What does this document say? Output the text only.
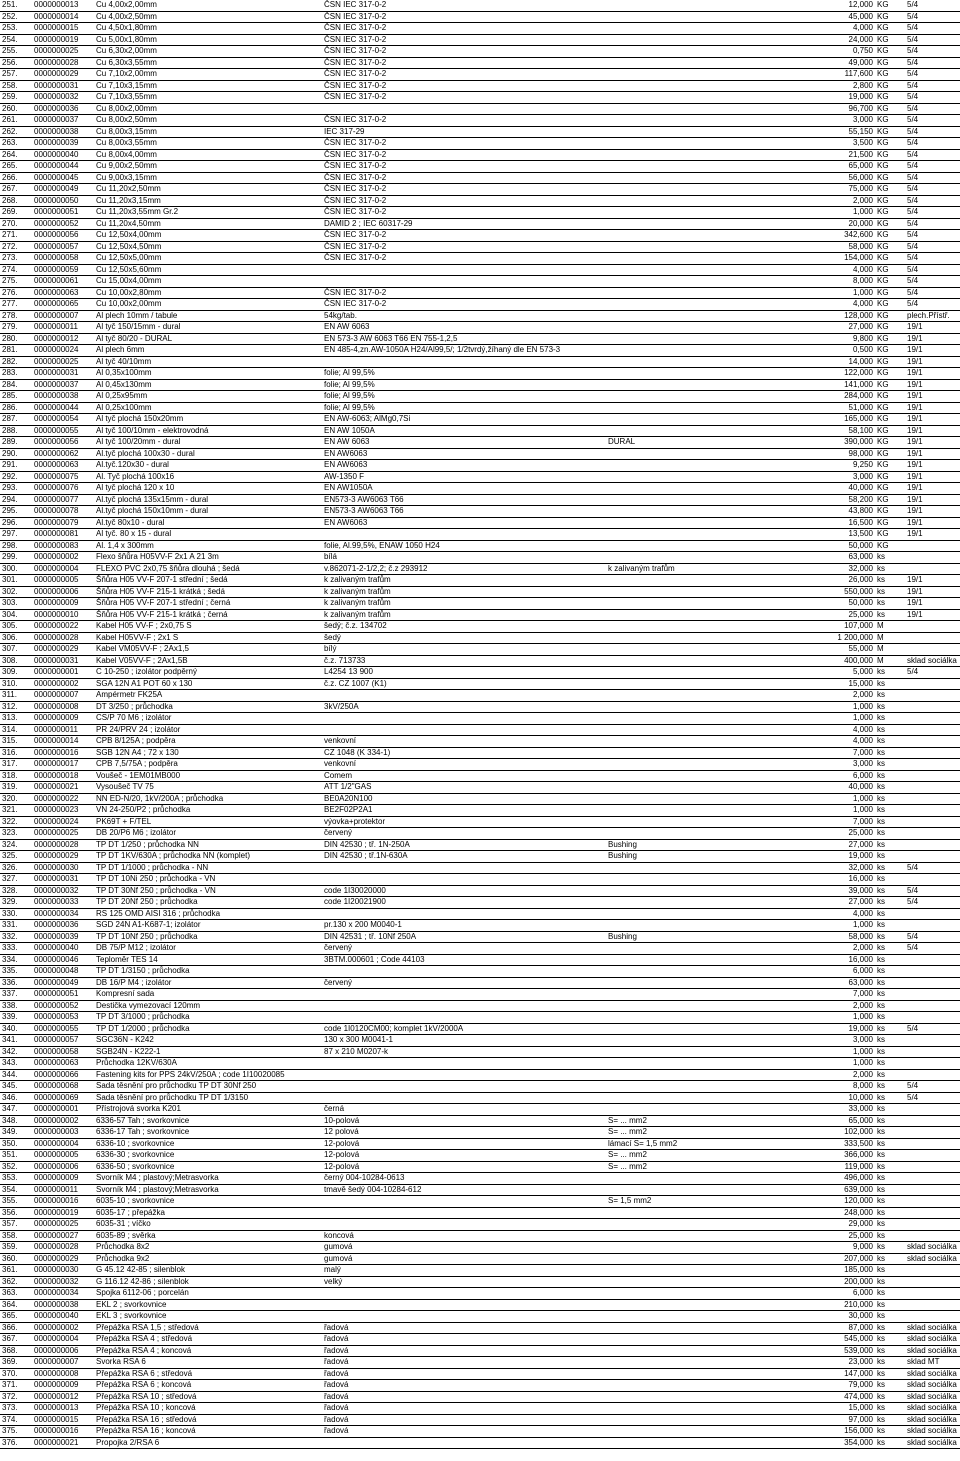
251.	0000000013	Cu 4,00x2,00mm	ČSN IEC 317-0-2		12,000	KG	5/4
252.	0000000014	Cu 4,00x2,50mm	ČSN IEC 317-0-2		45,000	KG	5/4
253.	0000000015	Cu 4,50x1,80mm	ČSN IEC 317-0-2		4,000	KG	5/4
254.	0000000019	Cu 5,00x1,80mm	ČSN IEC 317-0-2		24,000	KG	5/4
255.	0000000025	Cu 6,30x2,00mm	ČSN IEC 317-0-2		0,750	KG	5/4
256.	0000000028	Cu 6,30x3,55mm	ČSN IEC 317-0-2		49,000	KG	5/4
257.	0000000029	Cu 7,10x2,00mm	ČSN IEC 317-0-2		117,600	KG	5/4
258.	0000000031	Cu 7,10x3,15mm	ČSN IEC 317-0-2		2,800	KG	5/4
259.	0000000032	Cu 7,10x3,55mm	ČSN IEC 317-0-2		19,000	KG	5/4
260.	0000000036	Cu 8,00x2,00mm			96,700	KG	5/4
261.	0000000037	Cu 8,00x2,50mm	ČSN IEC 317-0-2		3,000	KG	5/4
262.	0000000038	Cu 8,00x3,15mm	IEC 317-29		55,150	KG	5/4
263.	0000000039	Cu 8,00x3,55mm	ČSN IEC 317-0-2		3,500	KG	5/4
264.	0000000040	Cu 8,00x4,00mm	ČSN IEC 317-0-2		21,500	KG	5/4
265.	0000000044	Cu 9,00x2,50mm	ČSN IEC 317-0-2		65,000	KG	5/4
266.	0000000045	Cu 9,00x3,15mm	ČSN IEC 317-0-2		56,000	KG	5/4
267.	0000000049	Cu 11,20x2,50mm	ČSN IEC 317-0-2		75,000	KG	5/4
268.	0000000050	Cu 11,20x3,15mm	ČSN IEC 317-0-2		2,000	KG	5/4
269.	0000000051	Cu 11,20x3,55mm Gr.2	ČSN IEC 317-0-2		1,000	KG	5/4
270.	0000000052	Cu 11,20x4,50mm	DAMID 2 ; IEC 60317-29		20,000	KG	5/4
271.	0000000056	Cu 12,50x4,00mm	ČSN IEC 317-0-2		342,600	KG	5/4
272.	0000000057	Cu 12,50x4,50mm	ČSN IEC 317-0-2		58,000	KG	5/4
273.	0000000058	Cu 12,50x5,00mm	ČSN IEC 317-0-2		154,000	KG	5/4
274.	0000000059	Cu 12,50x5,60mm			4,000	KG	5/4
275.	0000000061	Cu 15,00x4,00mm			8,000	KG	5/4
276.	0000000063	Cu 10,00x2,80mm	ČSN IEC 317-0-2		1,000	KG	5/4
277.	0000000065	Cu 10,00x2,00mm	ČSN IEC 317-0-2		4,000	KG	5/4
278.	0000000007	Al plech 10mm / tabule	54kg/tab.		128,000	KG	plech.Přístř.
279.	0000000011	Al tyč 150/15mm - dural	EN AW 6063		27,000	KG	19/1
280.	0000000012	Al tyč 80/20 - DURAL	EN 573-3 AW 6063 T66 EN 755-1,2,5		9,800	KG	19/1
281.	0000000024	Al plech 6mm	EN 485-4,zn.AW-1050A H24/Al99,5/; 1/2tvrdý,žíhaný dle EN 573-3		0,500	KG	19/1
282.	0000000025	Al tyč 40/10mm			14,000	KG	19/1
283.	0000000031	Al 0,35x100mm	folie; Al 99,5%		122,000	KG	19/1
284.	0000000037	Al 0,45x130mm	folie; Al 99,5%		141,000	KG	19/1
285.	0000000038	Al 0,25x95mm	folie; Al 99,5%		284,000	KG	19/1
286.	0000000044	Al 0,25x100mm	folie; Al 99,5%		51,000	KG	19/1
287.	0000000054	Al tyč plochá 150x20mm	EN AW-6063; AlMg0,7Si		165,000	KG	19/1
288.	0000000055	Al tyč 100/10mm - elektrovodná	EN AW 1050A		58,100	KG	19/1
289.	0000000056	Al tyč 100/20mm - dural	EN AW 6063	DURAL	390,000	KG	19/1
290.	0000000062	Al.tyč plochá 100x30 - dural	EN AW6063		98,000	KG	19/1
291.	0000000063	Al.tyč.120x30 - dural	EN AW6063		9,250	KG	19/1
292.	0000000075	Al. Tyč plochá 100x16	AW-1350 F		3,000	KG	19/1
293.	0000000076	Al tyč plochá 120 x 10	EN AW1050A		40,000	KG	19/1
294.	0000000077	Al.tyč plochá 135x15mm - dural	EN573-3 AW6063 T66		58,200	KG	19/1
295.	0000000078	Al.tyč plochá 150x10mm - dural	EN573-3 AW6063 T66		43,800	KG	19/1
296.	0000000079	Al.tyč 80x10 - dural	EN AW6063		16,500	KG	19/1
297.	0000000081	Al tyč. 80 x 15 - dural			13,500	KG	19/1
298.	0000000083	Al. 1,4 x 300mm	folie, Al.99,5%, ENAW 1050 H24		50,000	KG	
299.	0000000002	Flexo šňůra H05VV-F 2x1 A 21 3m	bílá		63,000	ks	
300.	0000000004	FLEXO PVC 2x0,75 šňůra dlouhá ; šedá	v.862071-2-1/2,2; č.z 293912	k zalivaným trafům	32,000	ks	
301.	0000000005	Šňůra H05 VV-F 207-1 střední ; šedá	k zalivaným trafům		26,000	ks	19/1
302.	0000000006	Šňůra H05 VV-F 215-1 krátká ; šedá	k zalivaným trafům		550,000	ks	19/1
303.	0000000009	Šňůra H05 VV-F 207-1 střední ; černá	k zalivaným trafům		50,000	ks	19/1
304.	0000000010	Šňůra H05 VV-F 215-1 krátká ; černá	k zalivaným trafům		25,000	ks	19/1
305.	0000000022	Kabel H05 VV-F ; 2x0,75 S	šedý; č.z. 134702		107,000	M	
306.	0000000028	Kabel H05VV-F ; 2x1 S	šedý		1 200,000	M	
307.	0000000029	Kabel VM05VV-F ; 2Ax1,5	bílý		55,000	M	
308.	0000000031	Kabel V05VV-F ; 2Ax1,5B	č.z. 713733		400,000	M	sklad sociálka
309.	0000000001	C 10-250 ; izolátor podpěrný	L4254 13 900		5,000	ks	5/4
310.	0000000002	SGA 12N A1 POT 60 x 130	č.z. CZ 1007 (K1)		15,000	ks	
311.	0000000007	Ampérmetr FK25A			2,000	ks	
312.	0000000008	DT 3/250 ; průchodka	3kV/250A		1,000	ks	
313.	0000000009	CS/P 70 M6 ; izolátor			1,000	ks	
314.	0000000011	PR 24/PRV 24 ; izolátor			4,000	ks	
315.	0000000014	CPB 8/125A ; podpěra	venkovní		4,000	ks	
316.	0000000016	SGB 12N A4 ; 72 x 130	CZ 1048 (K 334-1)		7,000	ks	
317.	0000000017	CPB 7,5/75A ; podpěra	venkovní		3,000	ks	
318.	0000000018	Voušeč - 1EM01MB000	Comem		6,000	ks	
319.	0000000021	Vysoušeč TV 75	ATT 1/2"GAS		40,000	ks	
320.	0000000022	NN ED-N/20, 1kV/200A ; průchodka	BE0A20N100		1,000	ks	
321.	0000000023	VN 24-250/P2 ; průchodka	BE2F02P2A1		1,000	ks	
322.	0000000024	PK69T + F/TEL	výovka+protektor		7,000	ks	
323.	0000000025	DB 20/P6 M6 ; izolátor	červený		25,000	ks	
324.	0000000028	TP DT 1/250 ; průchodka NN	DIN 42530 ; tř. 1N-250A	Bushing	27,000	ks	
325.	0000000029	TP DT 1KV/630A ; průchodka NN (komplet)	DIN 42530 ; tř.1N-630A	Bushing	19,000	ks	
326.	0000000030	TP DT 1/1000 ; průchodka - NN			32,000	ks	5/4
327.	0000000031	TP DT 10Ni 250 ; průchodka - VN			16,000	ks	
328.	0000000032	TP DT 30Nf 250 ; průchodka - VN	code 1I30020000		39,000	ks	5/4
329.	0000000033	TP DT 20Nf 250 ; průchodka	code 1I20021900		27,000	ks	5/4
330.	0000000034	RS 125 OMD AISI 316 ; průchodka			4,000	ks	
331.	0000000036	SGD 24N A1-K687-1; izolátor	pr.130 x 200 M0040-1		1,000	ks	
332.	0000000039	TP DT 10Nf 250 ; průchodka	DIN 42531 ; tř. 10Nf 250A	Bushing	58,000	ks	5/4
333.	0000000040	DB 75/P M12 ; izolátor	červený		2,000	ks	5/4
334.	0000000046	Teploměr TES 14	3BTM.000601 ; Code 44103		16,000	ks	
335.	0000000048	TP DT 1/3150 ; průchodka			6,000	ks	
336.	0000000049	DB 16/P M4 ; izolátor	červený		63,000	ks	
337.	0000000051	Kompresní sada			7,000	ks	
338.	0000000052	Destička vymezovací 120mm			2,000	ks	
339.	0000000053	TP DT 3/1000 ; průchodka			1,000	ks	
340.	0000000055	TP DT 1/2000 ; průchodka	code 1I0120CM00; komplet 1kV/2000A		19,000	ks	5/4
341.	0000000057	SGC36N - K242	130 x 300 M0041-1		3,000	ks	
342.	0000000058	SGB24N - K222-1	87 x 210 M0207-k		1,000	ks	
343.	0000000063	Průchodka 12KV/630A			1,000	ks	
344.	0000000066	Fastening kits for PPS 24kV/250A ; code 1I10020085			2,000	ks	
345.	0000000068	Sada těsnění pro průchodku TP DT 30Nf 250			8,000	ks	5/4
346.	0000000069	Sada těsnění pro průchodku TP DT 1/3150			10,000	ks	5/4
347.	0000000001	Přístrojová svorka K201	černá		33,000	ks	
348.	0000000002	6336-57 Tah ; svorkovnice	10-polová	S= ... mm2	65,000	ks	
349.	0000000003	6336-17 Tah ; svorkovnice	12 polová	S= ... mm2	102,000	ks	
350.	0000000004	6336-10 ; svorkovnice	12-polová	lámací S= 1,5 mm2	333,500	ks	
351.	0000000005	6336-30 ; svorkovnice	12-polová	S= ... mm2	366,000	ks	
352.	0000000006	6336-50 ; svorkovnice	12-polová	S= ... mm2	119,000	ks	
353.	0000000009	Svorník M4 ; plastový;Metrasvorka	černý 004-10284-0613		496,000	ks	
354.	0000000011	Svorník M4 ; plastový;Metrasvorka	tmavě šedý 004-10284-612		639,000	ks	
355.	0000000016	6035-10 ; svorkovnice		S= 1,5 mm2	120,000	ks	
356.	0000000019	6035-17 ; přepážka			248,000	ks	
357.	0000000025	6035-31 ; víčko			29,000	ks	
358.	0000000027	6035-89 ; svěrka	koncová		25,000	ks	
359.	0000000028	Průchodka 8x2	gumová		9,000	ks	sklad sociálka
360.	0000000029	Průchodka 9x2	gumová		207,000	ks	sklad sociálka
361.	0000000030	G 45.12 42-85 ; silenblok	malý		185,000	ks	
362.	0000000032	G 116.12 42-86 ; silenblok	velký		200,000	ks	
363.	0000000034	Spojka 6112-06 ; porcelán			6,000	ks	
364.	0000000038	EKL 2 ; svorkovnice			210,000	ks	
365.	0000000040	EKL 3 ; svorkovnice			30,000	ks	
366.	0000000002	Přepážka RSA 1,5 ; středová	řadová		87,000	ks	sklad sociálka
367.	0000000004	Přepážka RSA 4 ; středová	řadová		545,000	ks	sklad sociálka
368.	0000000006	Přepážka RSA 4 ; koncová	řadová		539,000	ks	sklad sociálka
369.	0000000007	Svorka RSA 6	řadová		23,000	ks	sklad MT
370.	0000000008	Přepážka RSA 6 ; středová	řadová		147,000	ks	sklad sociálka
371.	0000000009	Přepážka RSA 6 ; koncová	řadová		79,000	ks	sklad sociálka
372.	0000000012	Přepážka RSA 10 ; středová	řadová		474,000	ks	sklad sociálka
373.	0000000013	Přepážka RSA 10 ; koncová	řadová		15,000	ks	sklad sociálka
374.	0000000015	Přepážka RSA 16 ; středová	řadová		97,000	ks	sklad sociálka
375.	0000000016	Přepážka RSA 16 ; koncová	řadová		156,000	ks	sklad sociálka
376.	0000000021	Propojka 2/RSA 6			354,000	ks	sklad sociálka
